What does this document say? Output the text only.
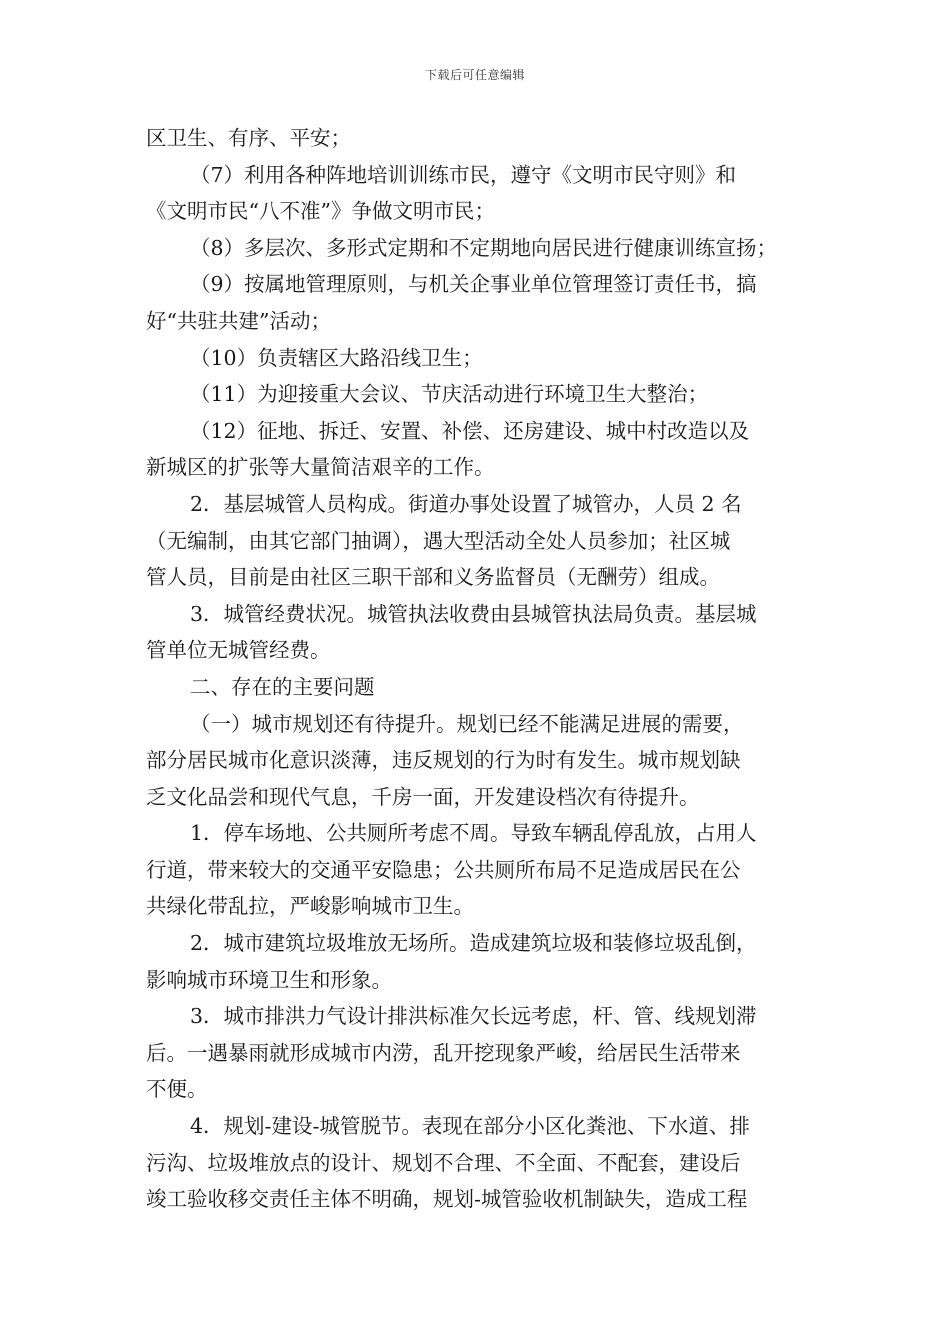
下载后可任意编辑
区卫生、有序、平安；
（7）利用各种阵地培训训练市民，遵守《文明市民守则》和
《文明市民“八不准”》争做文明市民；
（8）多层次、多形式定期和不定期地向居民进行健康训练宣扬；
（9）按属地管理原则，与机关企事业单位管理签订责任书，搞
好“共驻共建”活动；
（10）负责辖区大路沿线卫生；
（11）为迎接重大会议、节庆活动进行环境卫生大整治；
（12）征地、拆迁、安置、补偿、还房建设、城中村改造以及
新城区的扩张等大量简洁艰辛的工作。
2．基层城管人员构成。街道办事处设置了城管办，人员 2 名
（无编制，由其它部门抽调），遇大型活动全处人员参加；社区城
管人员，目前是由社区三职干部和义务监督员（无酬劳）组成。
3．城管经费状况。城管执法收费由县城管执法局负责。基层城
管单位无城管经费。
二、存在的主要问题
（一）城市规划还有待提升。规划已经不能满足进展的需要，
部分居民城市化意识淡薄，违反规划的行为时有发生。城市规划缺
乏文化品尝和现代气息，千房一面，开发建设档次有待提升。
1．停车场地、公共厕所考虑不周。导致车辆乱停乱放，占用人
行道，带来较大的交通平安隐患；公共厕所布局不足造成居民在公
共绿化带乱拉，严峻影响城市卫生。
2．城市建筑垃圾堆放无场所。造成建筑垃圾和装修垃圾乱倒，
影响城市环境卫生和形象。
3．城市排洪力气设计排洪标准欠长远考虑，杆、管、线规划滞
后。一遇暴雨就形成城市内涝，乱开挖现象严峻，给居民生活带来
不便。
4．规划-建设-城管脱节。表现在部分小区化粪池、下水道、排
污沟、垃圾堆放点的设计、规划不合理、不全面、不配套，建设后
竣工验收移交责任主体不明确，规划-城管验收机制缺失，造成工程
